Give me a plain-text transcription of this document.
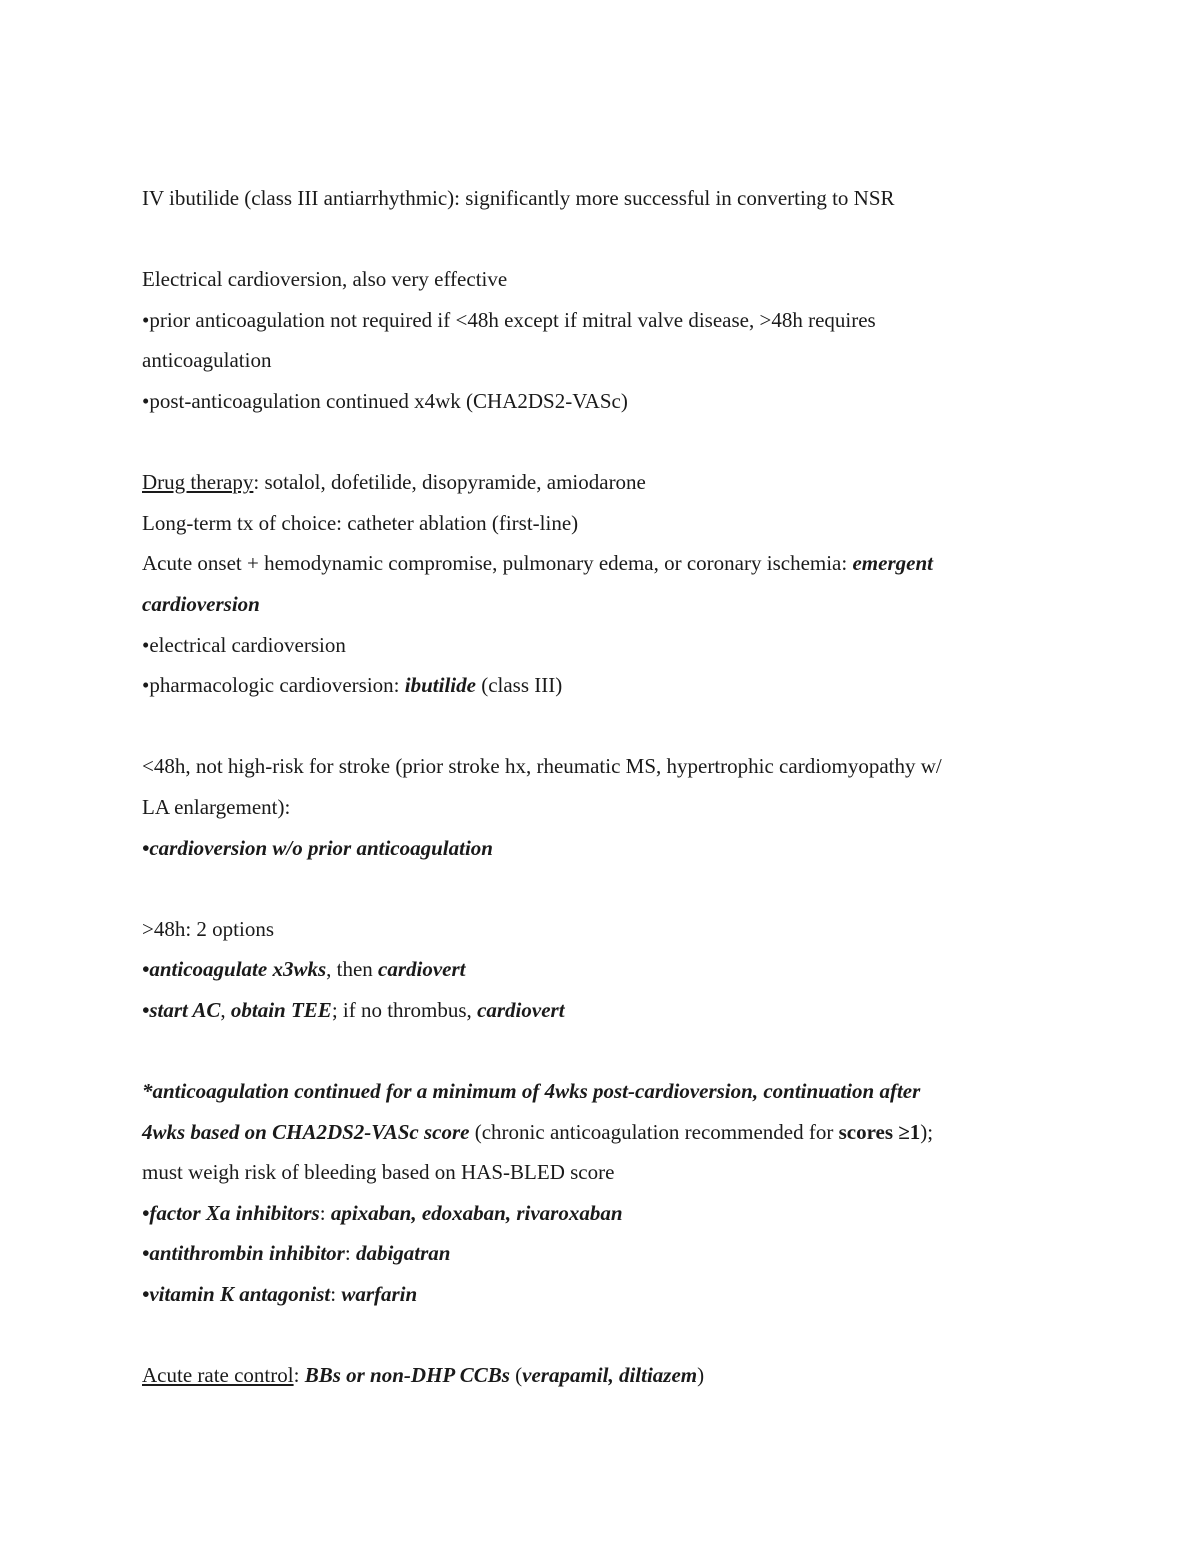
IV ibutilide (class III antiarrhythmic): significantly more successful in converting to NSR
Electrical cardioversion, also very effective
•prior anticoagulation not required if <48h except if mitral valve disease, >48h requires
anticoagulation
•post-anticoagulation continued x4wk (CHA2DS2-VASc)
Drug therapy: sotalol, dofetilide, disopyramide, amiodarone
Long-term tx of choice: catheter ablation (first-line)
Acute onset + hemodynamic compromise, pulmonary edema, or coronary ischemia: emergent
cardioversion
•electrical cardioversion
•pharmacologic cardioversion: ibutilide (class III)
<48h, not high-risk for stroke (prior stroke hx, rheumatic MS, hypertrophic cardiomyopathy w/
LA enlargement):
•cardioversion w/o prior anticoagulation
>48h: 2 options
•anticoagulate x3wks, then cardiovert
•start AC, obtain TEE; if no thrombus, cardiovert
*anticoagulation continued for a minimum of 4wks post-cardioversion, continuation after
4wks based on CHA2DS2-VASc score (chronic anticoagulation recommended for scores ≥1);
must weigh risk of bleeding based on HAS-BLED score
•factor Xa inhibitors: apixaban, edoxaban, rivaroxaban
•antithrombin inhibitor: dabigatran
•vitamin K antagonist: warfarin
Acute rate control: BBs or non-DHP CCBs (verapamil, diltiazem)
